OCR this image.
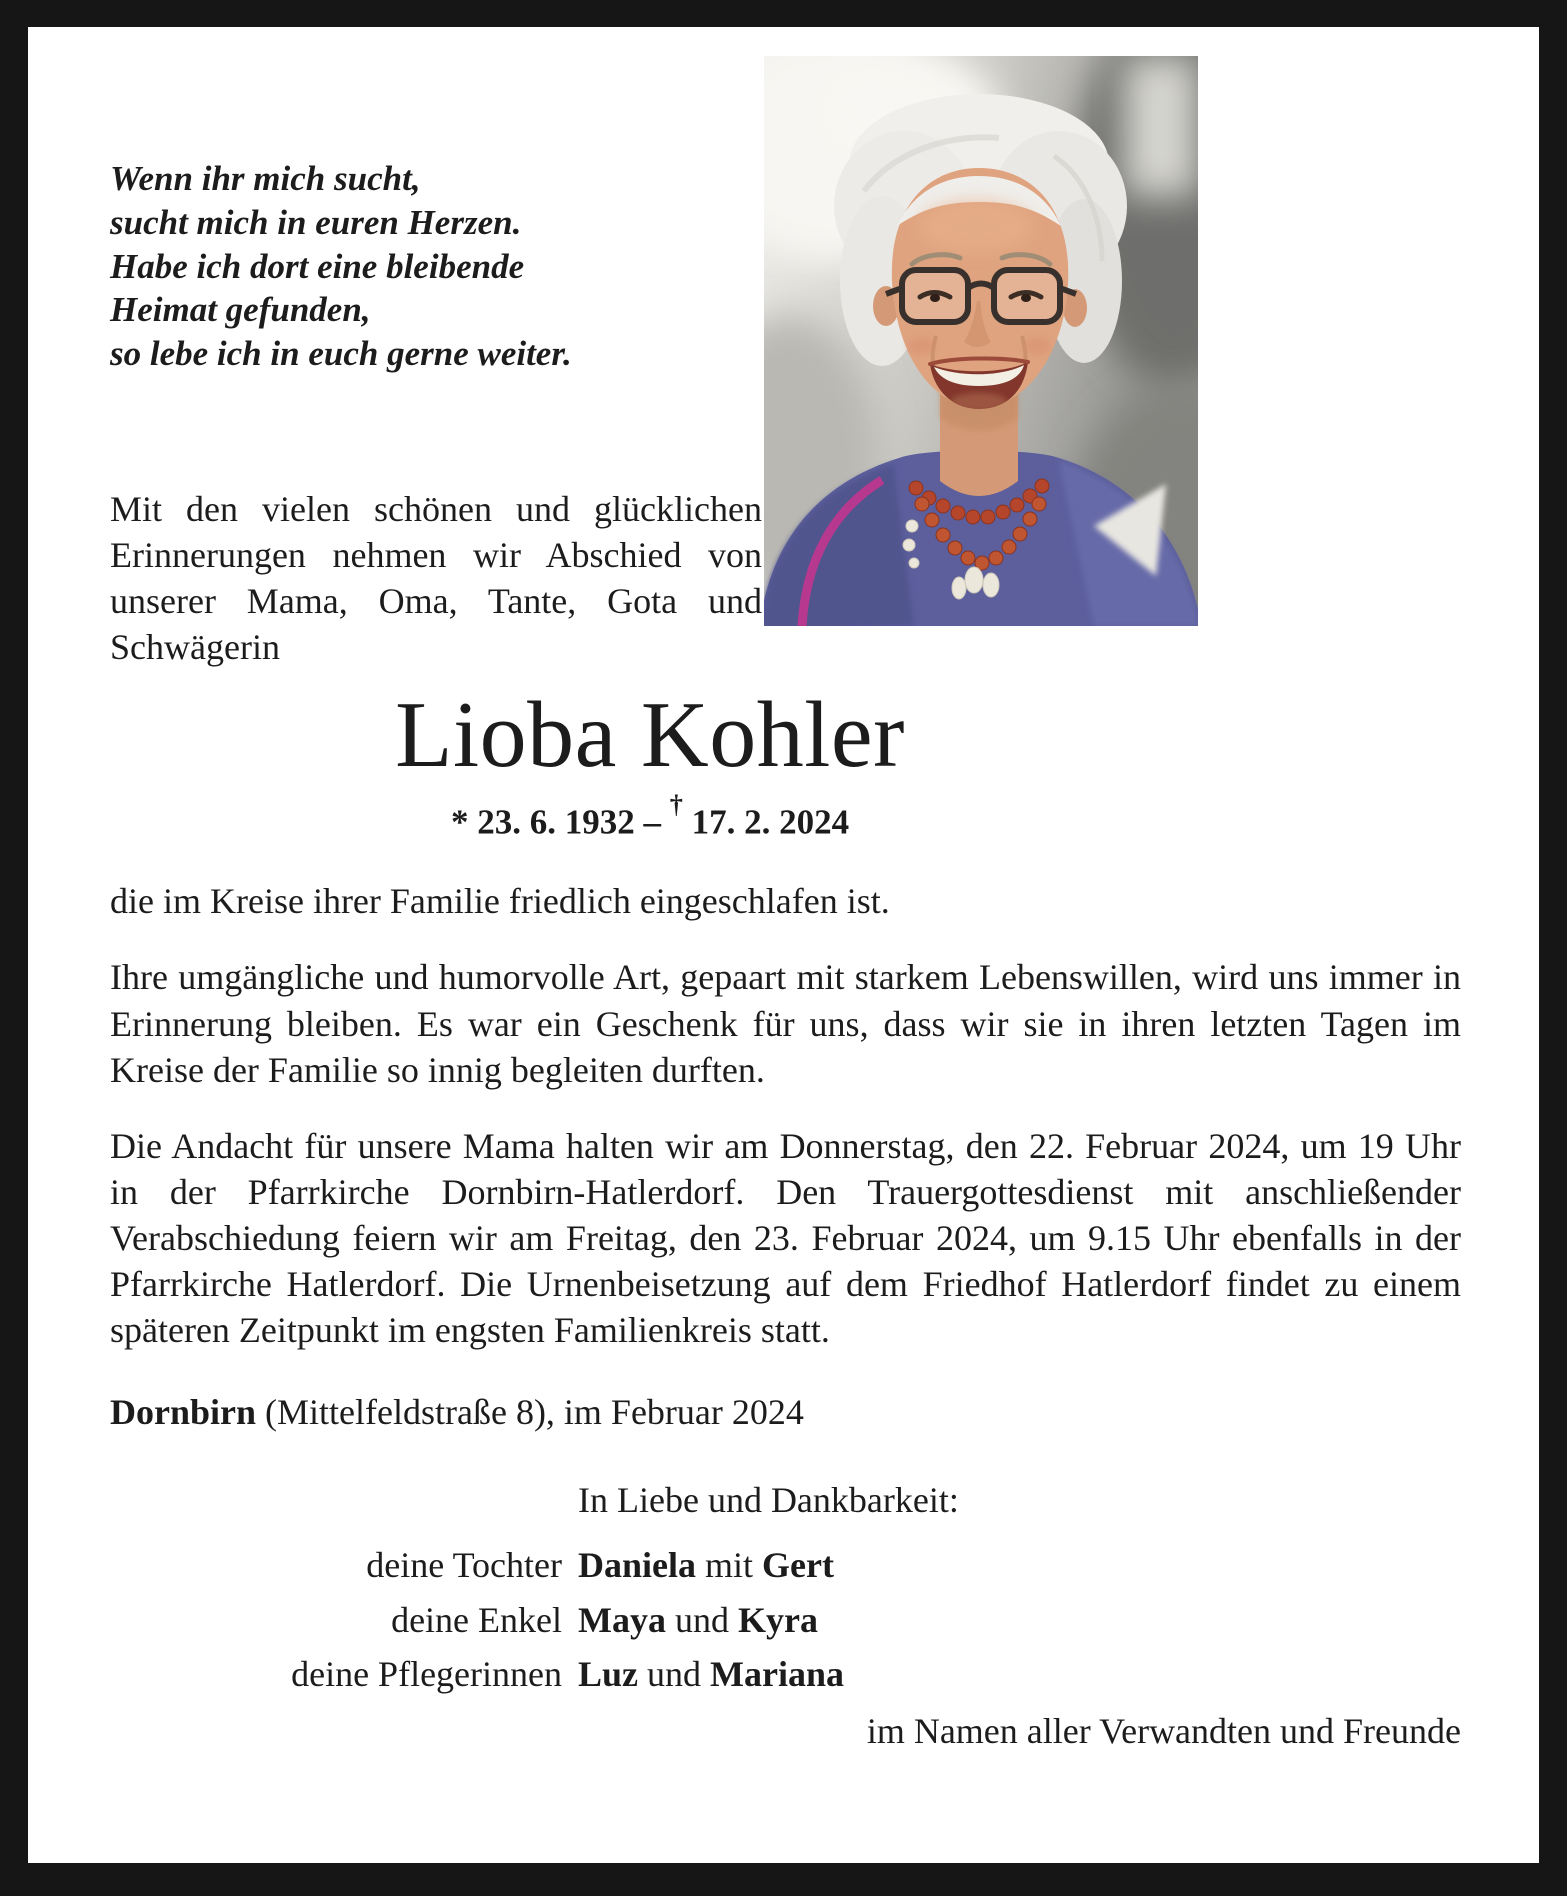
Wenn ihr mich sucht,
sucht mich in euren Herzen.
Habe ich dort eine bleibende
Heimat gefunden,
so lebe ich in euch gerne weiter.
Mit den vielen schönen und glücklichen Erinnerungen nehmen wir Abschied von unserer Mama, Oma, Tante, Gota und Schwägerin
Lioba Kohler
* 23. 6. 1932 – † 17. 2. 2024
die im Kreise ihrer Familie friedlich eingeschlafen ist.
Ihre umgängliche und humorvolle Art, gepaart mit starkem Lebenswillen, wird uns immer in Erinnerung bleiben. Es war ein Geschenk für uns, dass wir sie in ihren letzten Tagen im Kreise der Familie so innig begleiten durften.
Die Andacht für unsere Mama halten wir am Donnerstag, den 22. Februar 2024, um 19 Uhr in der Pfarrkirche Dornbirn-Hatlerdorf. Den Trauergottesdienst mit anschließender Verabschiedung feiern wir am Freitag, den 23. Februar 2024, um 9.15 Uhr ebenfalls in der Pfarrkirche Hatlerdorf. Die Urnenbeisetzung auf dem Friedhof Hatlerdorf findet zu einem späteren Zeitpunkt im engsten Familienkreis statt.
Dornbirn (Mittelfeldstraße 8), im Februar 2024
In Liebe und Dankbarkeit:
deine Tochter Daniela mit Gert
deine Enkel Maya und Kyra
deine Pflegerinnen Luz und Mariana
im Namen aller Verwandten und Freunde
